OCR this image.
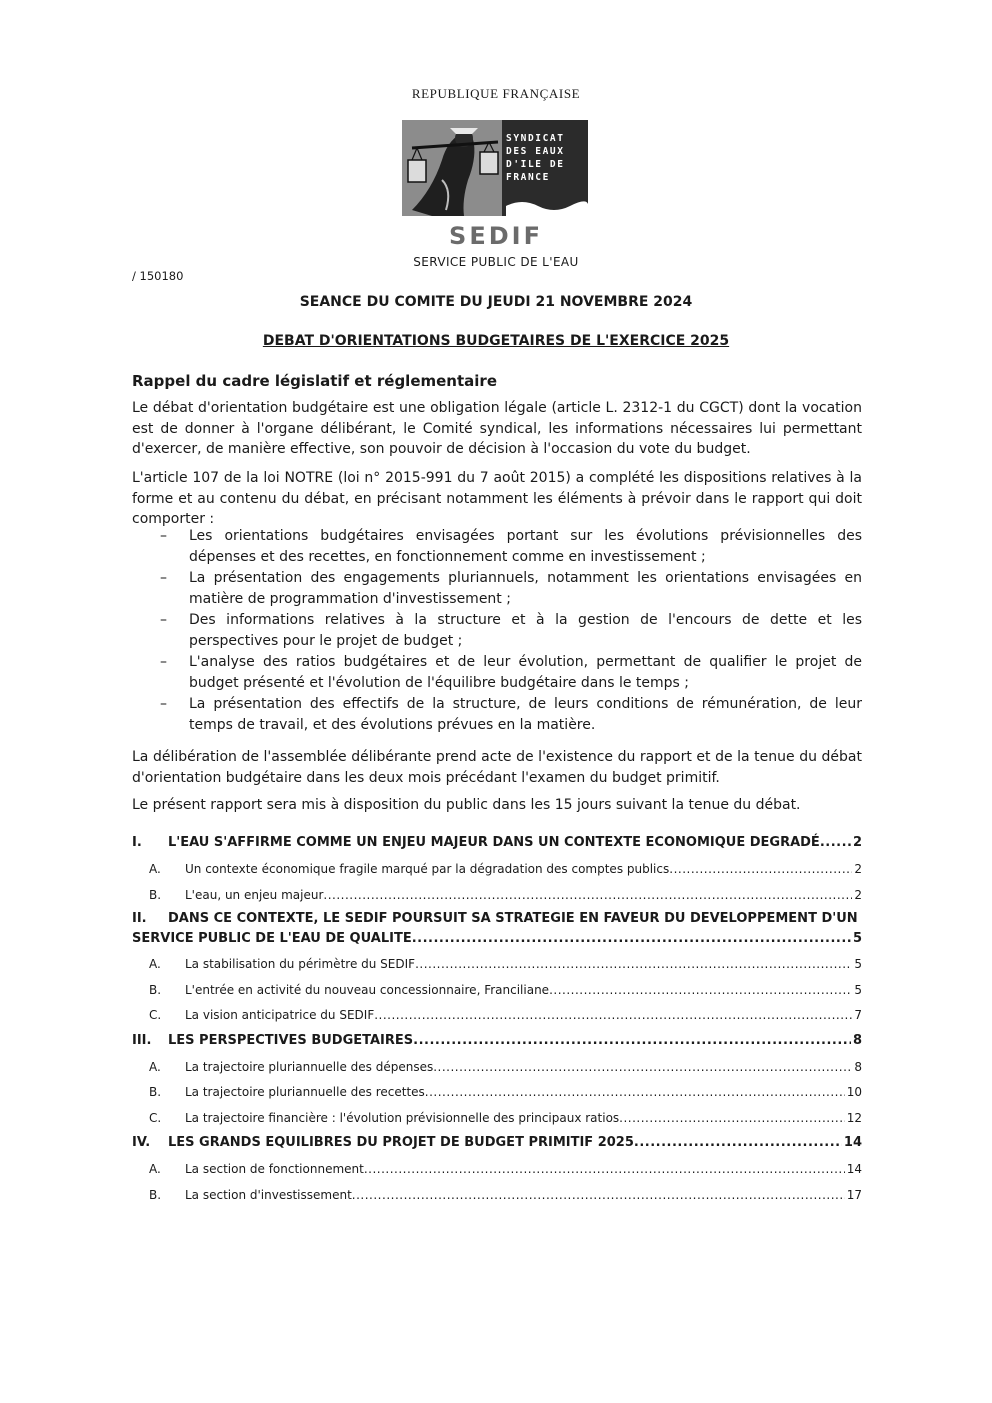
REPUBLIQUE FRANÇAISE
SYNDICAT
DES EAUX
D'ILE DE
FRANCE
SEDIF
SERVICE PUBLIC DE L'EAU
/ 150180
SEANCE DU COMITE DU JEUDI 21 NOVEMBRE 2024
DEBAT D'ORIENTATIONS BUDGETAIRES DE L'EXERCICE 2025
Rappel du cadre législatif et réglementaire

Le débat d'orientation budgétaire est une obligation légale (article L. 2312-1 du CGCT) dont la vocation est de donner à l'organe délibérant, le Comité syndical, les informations nécessaires lui permettant d'exercer, de manière effective, son pouvoir de décision à l'occasion du vote du budget.

L'article 107 de la loi NOTRE (loi n° 2015-991 du 7 août 2015) a complété les dispositions relatives à la forme et au contenu du débat, en précisant notamment les éléments à prévoir dans le rapport qui doit comporter :

– Les orientations budgétaires envisagées portant sur les évolutions prévisionnelles des dépenses et des recettes, en fonctionnement comme en investissement ;
– La présentation des engagements pluriannuels, notamment les orientations envisagées en matière de programmation d'investissement ;
– Des informations relatives à la structure et à la gestion de l'encours de dette et les perspectives pour le projet de budget ;
– L'analyse des ratios budgétaires et de leur évolution, permettant de qualifier le projet de budget présenté et l'évolution de l'équilibre budgétaire dans le temps ;
– La présentation des effectifs de la structure, de leurs conditions de rémunération, de leur temps de travail, et des évolutions prévues en la matière.

La délibération de l'assemblée délibérante prend acte de l'existence du rapport et de la tenue du débat d'orientation budgétaire dans les deux mois précédant l'examen du budget primitif.

Le présent rapport sera mis à disposition du public dans les 15 jours suivant la tenue du débat.

I.	L'EAU S'AFFIRME COMME UN ENJEU MAJEUR DANS UN CONTEXTE ECONOMIQUE DEGRADÉ .....	2
A.	Un contexte économique fragile marqué par la dégradation des comptes publics .....	2
B.	L'eau, un enjeu majeur .....	2
II. DANS CE CONTEXTE, LE SEDIF POURSUIT SA STRATEGIE EN FAVEUR DU DEVELOPPEMENT D'UN
SERVICE PUBLIC DE L'EAU DE QUALITE .....	5
A.	La stabilisation du périmètre du SEDIF .....	5
B.	L'entrée en activité du nouveau concessionnaire, Franciliane .....	5
C.	La vision anticipatrice du SEDIF .....	7
III.	LES PERSPECTIVES BUDGETAIRES .....	8
A.	La trajectoire pluriannuelle des dépenses .....	8
B.	La trajectoire pluriannuelle des recettes .....	10
C.	La trajectoire financière : l'évolution prévisionnelle des principaux ratios .....	12
IV.	LES GRANDS EQUILIBRES DU PROJET DE BUDGET PRIMITIF 2025 .....	14
A.	La section de fonctionnement .....	14
B.	La section d'investissement .....	17
